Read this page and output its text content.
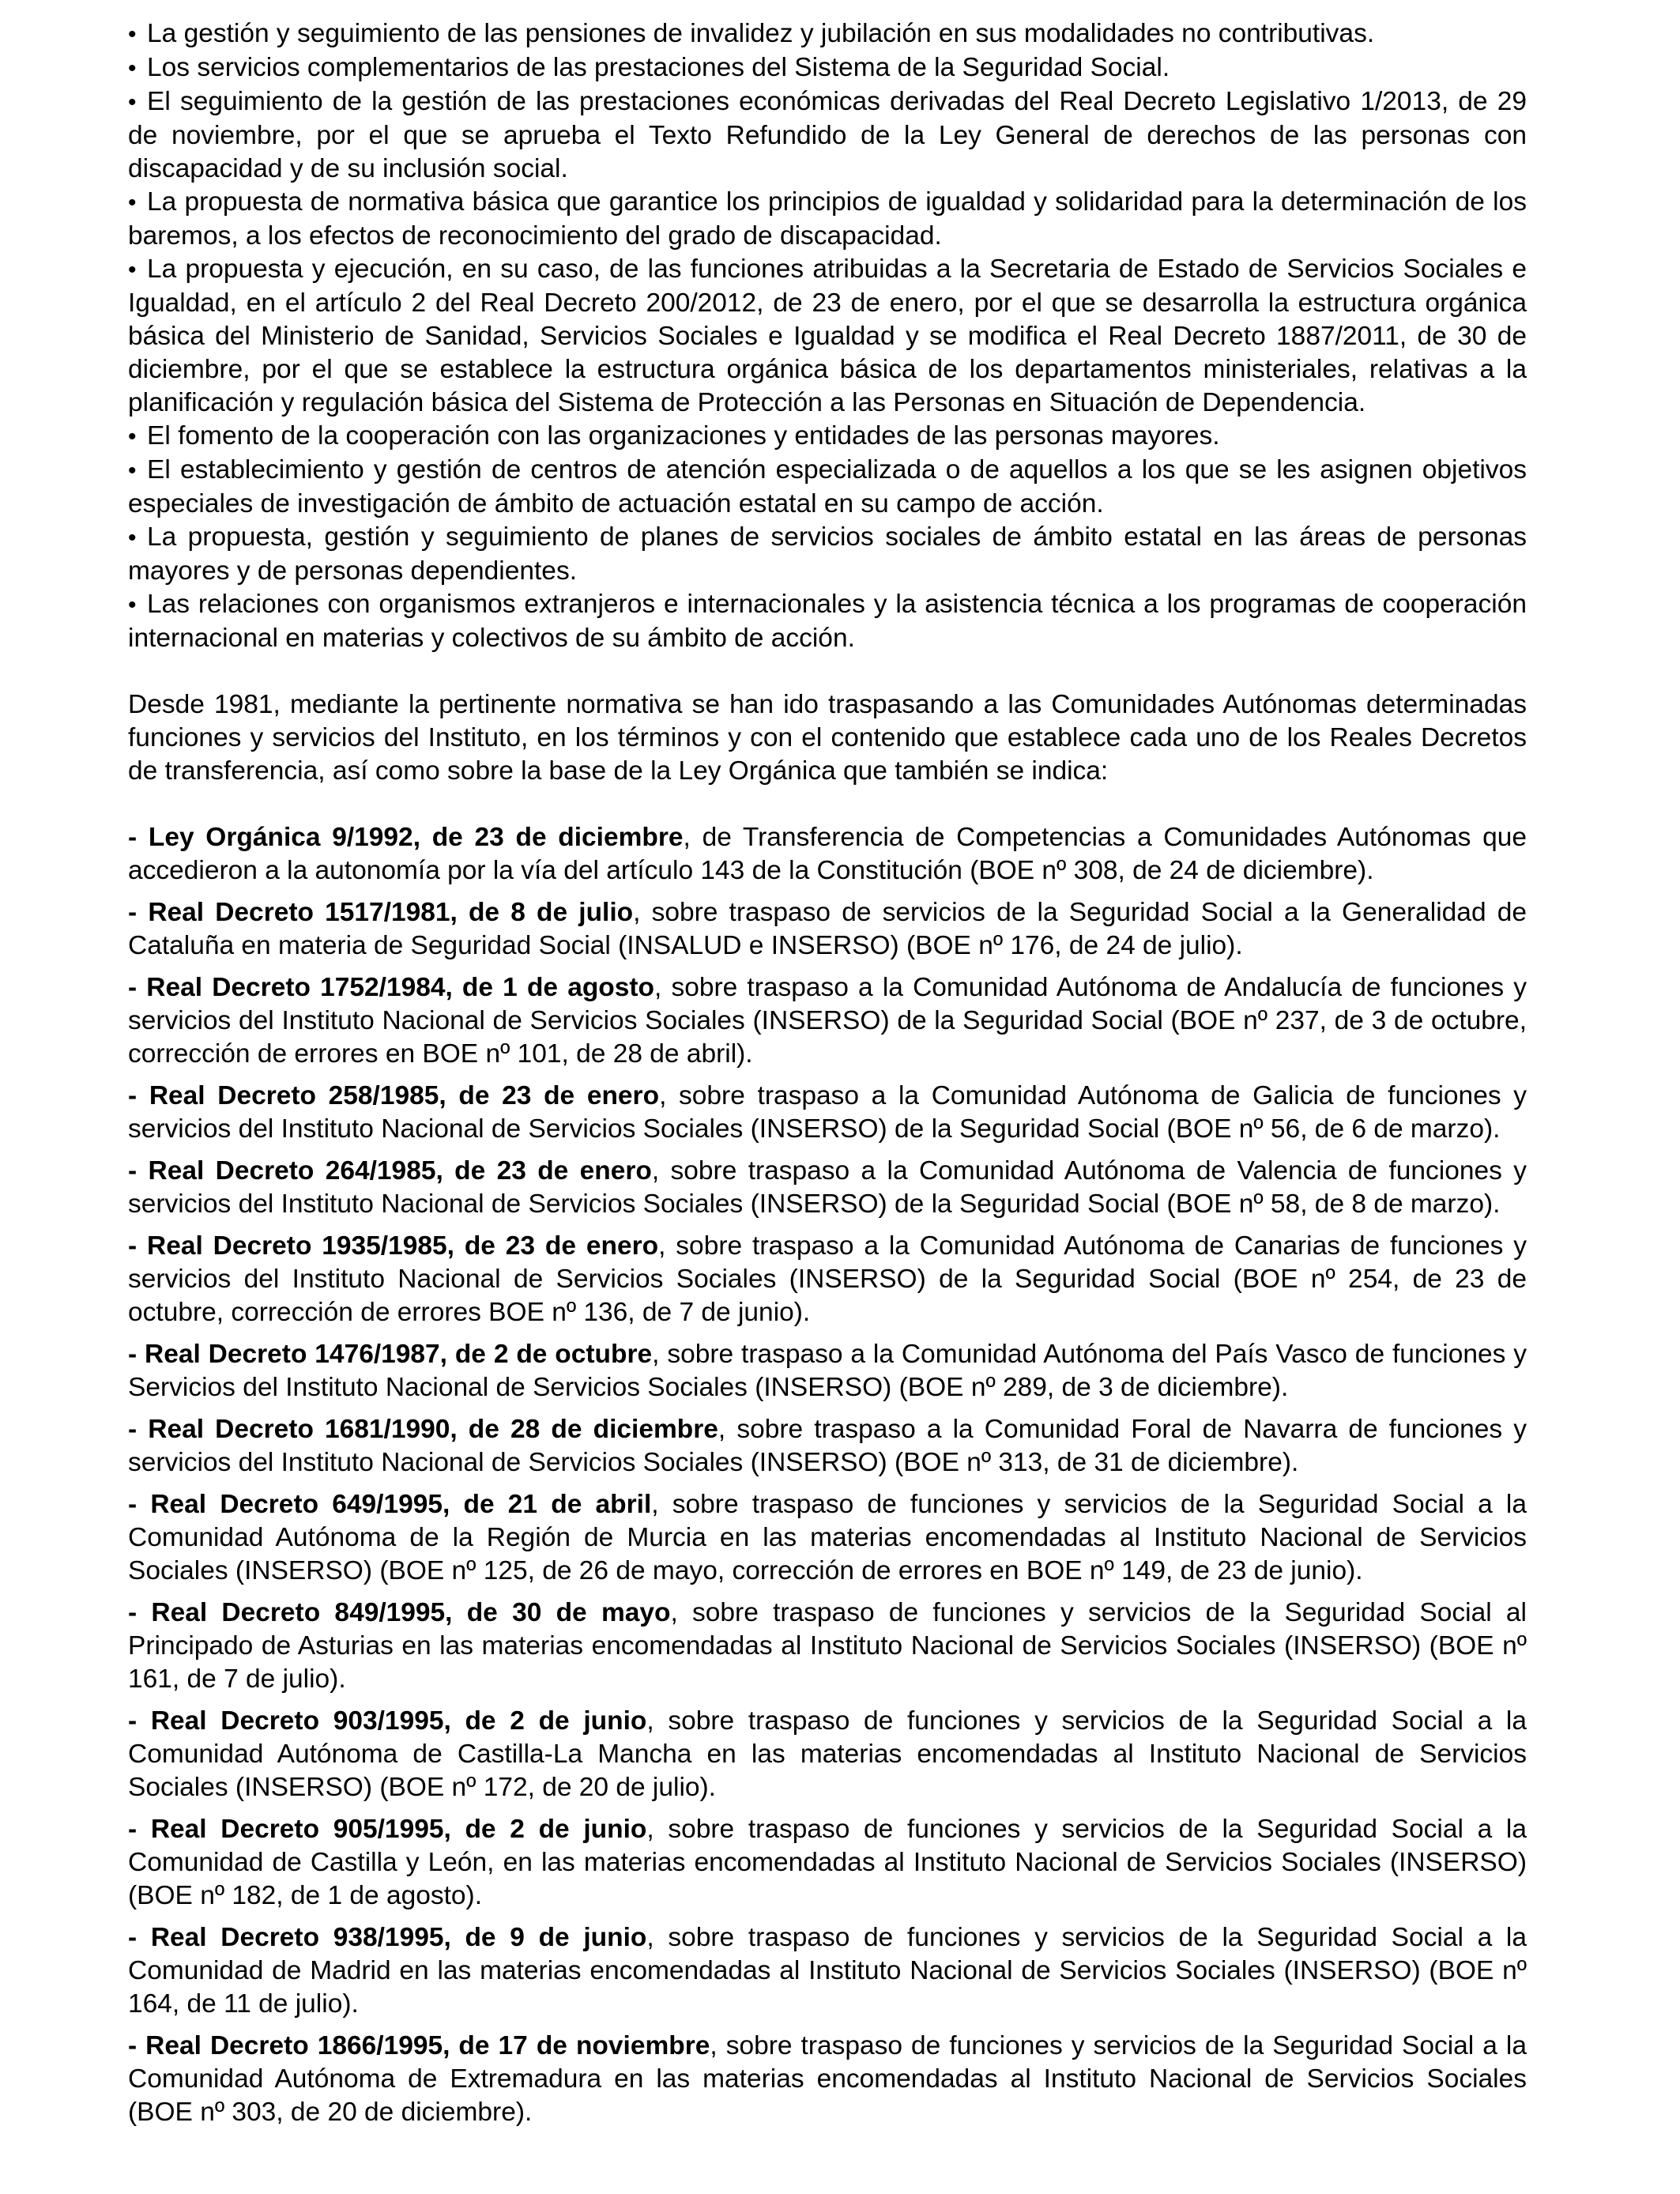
• La gestión y seguimiento de las pensiones de invalidez y jubilación en sus modalidades no contributivas.
• Los servicios complementarios de las prestaciones del Sistema de la Seguridad Social.
• El seguimiento de la gestión de las prestaciones económicas derivadas del Real Decreto Legislativo 1/2013, de 29 de noviembre, por el que se aprueba el Texto Refundido de la Ley General de derechos de las personas con discapacidad y de su inclusión social.
• La propuesta de normativa básica que garantice los principios de igualdad y solidaridad para la determinación de los baremos, a los efectos de reconocimiento del grado de discapacidad.
• La propuesta y ejecución, en su caso, de las funciones atribuidas a la Secretaria de Estado de Servicios Sociales e Igualdad, en el artículo 2 del Real Decreto 200/2012, de 23 de enero, por el que se desarrolla la estructura orgánica básica del Ministerio de Sanidad, Servicios Sociales e Igualdad y se modifica el Real Decreto 1887/2011, de 30 de diciembre, por el que se establece la estructura orgánica básica de los departamentos ministeriales, relativas a la planificación y regulación básica del Sistema de Protección a las Personas en Situación de Dependencia.
• El fomento de la cooperación con las organizaciones y entidades de las personas mayores.
• El establecimiento y gestión de centros de atención especializada o de aquellos a los que se les asignen objetivos especiales de investigación de ámbito de actuación estatal en su campo de acción.
• La propuesta, gestión y seguimiento de planes de servicios sociales de ámbito estatal en las áreas de personas mayores y de personas dependientes.
• Las relaciones con organismos extranjeros e internacionales y la asistencia técnica a los programas de cooperación internacional en materias y colectivos de su ámbito de acción.

Desde 1981, mediante la pertinente normativa se han ido traspasando a las Comunidades Autónomas determinadas funciones y servicios del Instituto, en los términos y con el contenido que establece cada uno de los Reales Decretos de transferencia, así como sobre la base de la Ley Orgánica que también se indica:

- Ley Orgánica 9/1992, de 23 de diciembre, de Transferencia de Competencias a Comunidades Autónomas que accedieron a la autonomía por la vía del artículo 143 de la Constitución (BOE nº 308, de 24 de diciembre).
- Real Decreto 1517/1981, de 8 de julio, sobre traspaso de servicios de la Seguridad Social a la Generalidad de Cataluña en materia de Seguridad Social (INSALUD e INSERSO) (BOE nº 176, de 24 de julio).
- Real Decreto 1752/1984, de 1 de agosto, sobre traspaso a la Comunidad Autónoma de Andalucía de funciones y servicios del Instituto Nacional de Servicios Sociales (INSERSO) de la Seguridad Social (BOE nº 237, de 3 de octubre, corrección de errores en BOE nº 101, de 28 de abril).
- Real Decreto 258/1985, de 23 de enero, sobre traspaso a la Comunidad Autónoma de Galicia de funciones y servicios del Instituto Nacional de Servicios Sociales (INSERSO) de la Seguridad Social (BOE nº 56, de 6 de marzo).
- Real Decreto 264/1985, de 23 de enero, sobre traspaso a la Comunidad Autónoma de Valencia de funciones y servicios del Instituto Nacional de Servicios Sociales (INSERSO) de la Seguridad Social (BOE nº 58, de 8 de marzo).
- Real Decreto 1935/1985, de 23 de enero, sobre traspaso a la Comunidad Autónoma de Canarias de funciones y servicios del Instituto Nacional de Servicios Sociales (INSERSO) de la Seguridad Social (BOE nº 254, de 23 de octubre, corrección de errores BOE nº 136, de 7 de junio).
- Real Decreto 1476/1987, de 2 de octubre, sobre traspaso a la Comunidad Autónoma del País Vasco de funciones y Servicios del Instituto Nacional de Servicios Sociales (INSERSO) (BOE nº 289, de 3 de diciembre).
- Real Decreto 1681/1990, de 28 de diciembre, sobre traspaso a la Comunidad Foral de Navarra de funciones y servicios del Instituto Nacional de Servicios Sociales (INSERSO) (BOE nº 313, de 31 de diciembre).
- Real Decreto 649/1995, de 21 de abril, sobre traspaso de funciones y servicios de la Seguridad Social a la Comunidad Autónoma de la Región de Murcia en las materias encomendadas al Instituto Nacional de Servicios Sociales (INSERSO) (BOE nº 125, de 26 de mayo, corrección de errores en BOE nº 149, de 23 de junio).
- Real Decreto 849/1995, de 30 de mayo, sobre traspaso de funciones y servicios de la Seguridad Social al Principado de Asturias en las materias encomendadas al Instituto Nacional de Servicios Sociales (INSERSO) (BOE nº 161, de 7 de julio).
- Real Decreto 903/1995, de 2 de junio, sobre traspaso de funciones y servicios de la Seguridad Social a la Comunidad Autónoma de Castilla-La Mancha en las materias encomendadas al Instituto Nacional de Servicios Sociales (INSERSO) (BOE nº 172, de 20 de julio).
- Real Decreto 905/1995, de 2 de junio, sobre traspaso de funciones y servicios de la Seguridad Social a la Comunidad de Castilla y León, en las materias encomendadas al Instituto Nacional de Servicios Sociales (INSERSO) (BOE nº 182, de 1 de agosto).
- Real Decreto 938/1995, de 9 de junio, sobre traspaso de funciones y servicios de la Seguridad Social a la Comunidad de Madrid en las materias encomendadas al Instituto Nacional de Servicios Sociales (INSERSO) (BOE nº 164, de 11 de julio).
- Real Decreto 1866/1995, de 17 de noviembre, sobre traspaso de funciones y servicios de la Seguridad Social a la Comunidad Autónoma de Extremadura en las materias encomendadas al Instituto Nacional de Servicios Sociales (BOE nº 303, de 20 de diciembre).
